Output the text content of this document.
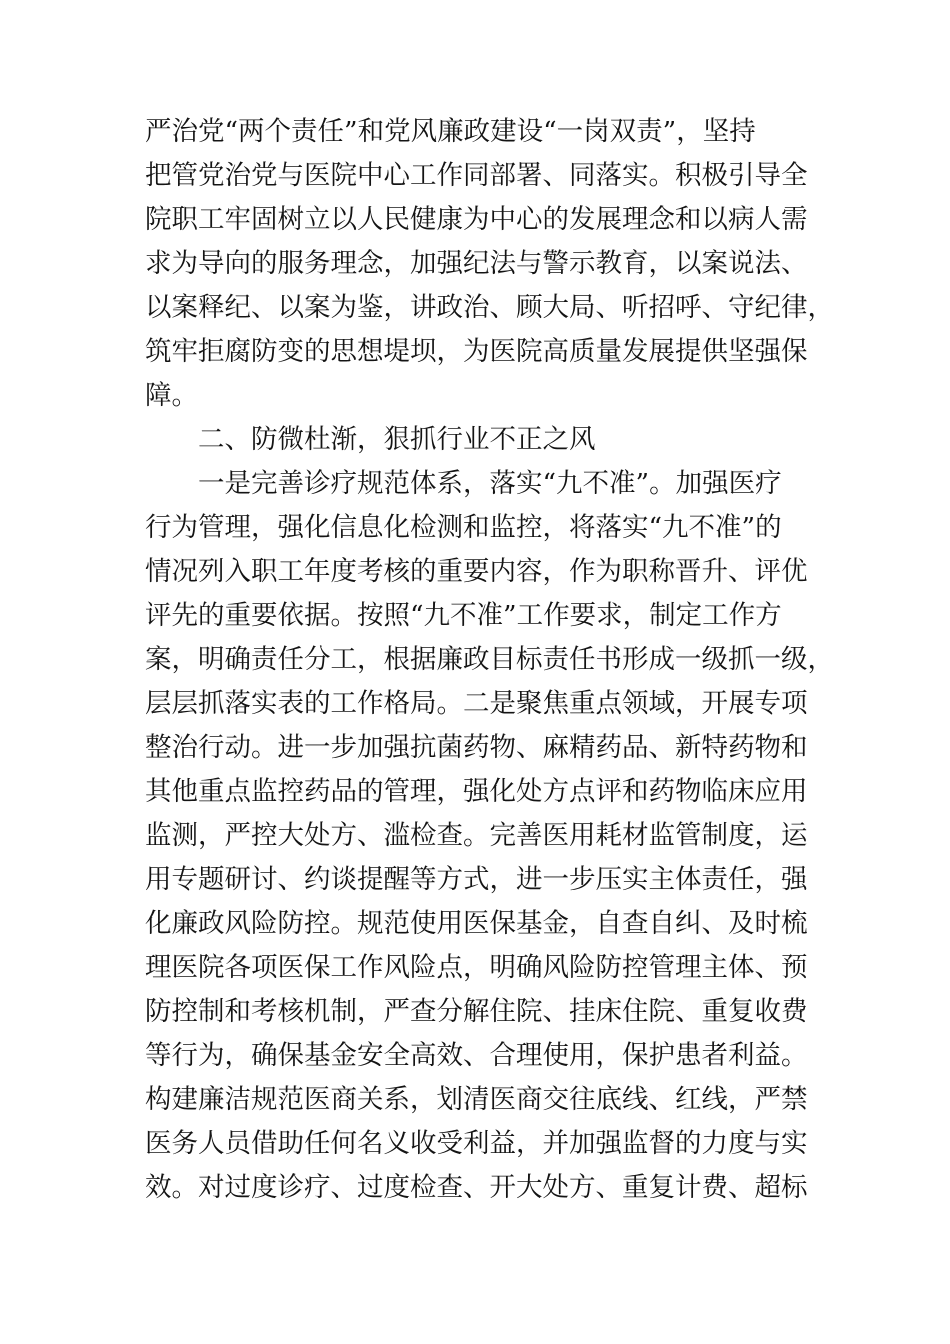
严治党“两个责任”和党风廉政建设“一岗双责”，坚持
把管党治党与医院中心工作同部署、同落实。积极引导全
院职工牢固树立以人民健康为中心的发展理念和以病人需
求为导向的服务理念，加强纪法与警示教育，以案说法、
以案释纪、以案为鉴，讲政治、顾大局、听招呼、守纪律，
筑牢拒腐防变的思想堤坝，为医院高质量发展提供坚强保
障。
二、防微杜渐，狠抓行业不正之风
一是完善诊疗规范体系，落实“九不准”。加强医疗
行为管理，强化信息化检测和监控，将落实“九不准”的
情况列入职工年度考核的重要内容，作为职称晋升、评优
评先的重要依据。按照“九不准”工作要求，制定工作方
案，明确责任分工，根据廉政目标责任书形成一级抓一级，
层层抓落实表的工作格局。二是聚焦重点领域，开展专项
整治行动。进一步加强抗菌药物、麻精药品、新特药物和
其他重点监控药品的管理，强化处方点评和药物临床应用
监测，严控大处方、滥检查。完善医用耗材监管制度，运
用专题研讨、约谈提醒等方式，进一步压实主体责任，强
化廉政风险防控。规范使用医保基金，自查自纠、及时梳
理医院各项医保工作风险点，明确风险防控管理主体、预
防控制和考核机制，严查分解住院、挂床住院、重复收费
等行为，确保基金安全高效、合理使用，保护患者利益。
构建廉洁规范医商关系，划清医商交往底线、红线，严禁
医务人员借助任何名义收受利益，并加强监督的力度与实
效。对过度诊疗、过度检查、开大处方、重复计费、超标
